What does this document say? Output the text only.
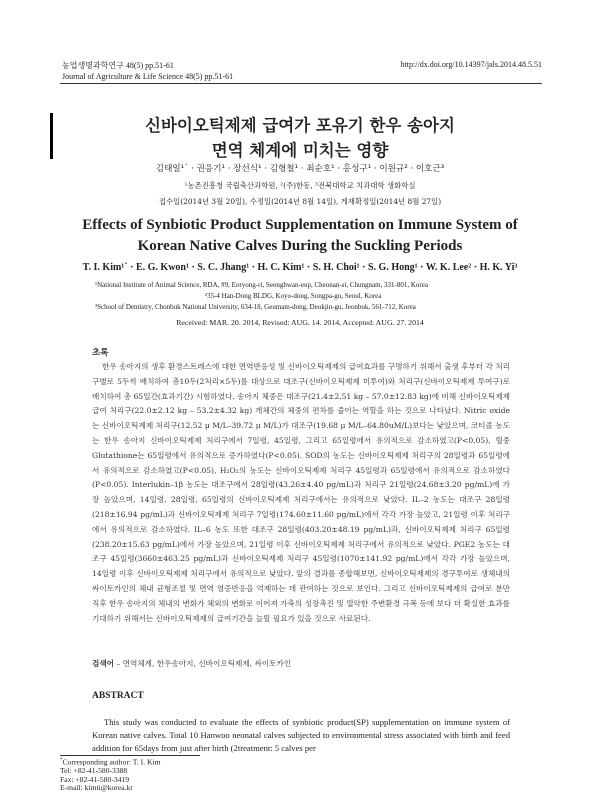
농업생명과학연구 48(5) pp.51-61
Journal of Agriculture & Life Science 48(5) pp.51-61
http://dx.doi.org/10.14397/jals.2014.48.5.51
신바이오틱제제 급여가 포유기 한우 송아지
면역 체계에 미치는 영향
김태일¹˙ · 권응기¹ · 장선식¹ · 김형철¹ · 최순호¹ · 홍성구¹ · 이원규² · 이호근³
¹농촌진흥청 국립축산과학원, ²(주)한동, ³전북대학교 치과대학 생화학실
접수일(2014년 3월 20일), 수정일(2014년 8월 14일), 게재확정일(2014년 8월 27일)
Effects of Synbiotic Product Supplementation on Immune System of
Korean Native Calves During the Suckling Periods
T. I. Kim¹˙ · E. G. Kwon¹ · S. C. Jhang¹ · H. C. Kim¹ · S. H. Choi¹ · S. G. Hong¹ · W. K. Lee² · H. K. Yi³
¹National Institute of Animal Science, RDA, #9, Eoryong-ri, Seonghwan-eup, Cheonan-si, Chungnam, 331-801, Korea
²35-4 Han-Dong BLDG, Koyo-dong, Songpa-gu, Seoul, Korea
³School of Dentistry, Chonbuk National University, 634-18, Geumam-dong, Deokjin-gu, Jeonbuk, 561-712, Korea
Received: MAR. 20. 2014, Revised: AUG. 14. 2014, Accepted: AUG. 27. 2014
초록

한우 송아지의 생후 환경스트레스에 대한 면역반응성 및 신바이오틱제제의 급여효과를 구명하기 위해서 출생 후부터 각 처리구별로 5두씩 배치하여 총10두(2처리×5두)를 대상으로 대조구(신바이오틱제제 미투여)와 처리구(신바이오틱제제 투여구)로 배치하여 총 65일간(효과기간) 시험하였다. 송아지 체중은 대조구(21.4±2.51 kg – 57.0±12.83 kg)에 비해 신바이오틱제제 급여 처리구(22.0±2.12 kg – 53.2±4.32 kg) 개체간의 체중의 편차를 줄이는 역할을 하는 것으로 나타났다. Nitric oxide는 신바이오틱제제 처리구(12.52 μ M/L–39.72 μ M/L)가 대조구(19.68 μ M/L–64.80uM/L)보다는 낮았으며, 코티졸 농도는 한우 송아지 신바이오틱제제 처리구에서 7일령, 45일령, 그리고 65일령에서 유의적으로 감소하였고(P<0.05), 혈중 Glutathione는 65일령에서 유의적으로 증가하였다(P<0.05). SOD의 농도는 신바이오틱제제 처리구의 28일령과 65일령에서 유의적으로 감소하였고(P<0.05), H₂O₂의 농도는 신바이오틱제제 처리구 45일령과 65일령에서 유의적으로 감소하였다(P<0.05). Interlukin–1β 농도는 대조구에서 28일령(43.26±4.40 pg/mL)과 처리구 21일령(24.68±3.20 pg/mL)에 가장 높았으며, 14일령, 28일령, 65일령의 신바이오틱제제 처리구에서는 유의적으로 낮았다. IL–2 농도는 대조구 28일령(218±16.94 pg/mL)과 신바이오틱제제 처리구 7일령(174.60±11.60 pg/mL)에서 각각 가장 높았고, 21일령 이후 처리구에서 유의적으로 감소하였다. IL–6 농도 또한 대조구 28일령(403.20±48.19 pg/mL)과, 신바이오틱제제 처리구 65일령(238.20±15.63 pg/mL)에서 가장 높았으며, 21일령 이후 신바이오틱제제 처리구에서 유의적으로 낮았다. PGE2 농도는 대조구 45일령(3660±463.25 pg/mL)과 신바이오틱제제 처리구 45일령(1070±141.92 pg/mL)에서 각각 가장 높았으며, 14일령 이후 신바이오틱제제 처리구에서 유의적으로 낮았다. 앞의 결과를 종합해보면, 신바이오틱제제의 경구투여로 생체내의 싸이토카인의 체내 균형조절 및 면역 염증반응을 억제하는 데 관여하는 것으로 보인다. 그리고 신바이오틱제제의 급여로 분만 직후 한우 송아지의 체내의 변화가 체외의 변화로 이어져 가축의 성장촉진 및 열악한 주변환경 극복 등에 보다 더 확실한 효과를 기대하기 위해서는 신바이오틱제제의 급여기간을 늘릴 필요가 있을 것으로 사료된다.

검색어 – 면역체계, 한우송아지, 신바이오틱제제, 싸이토카인
ABSTRACT

This study was conducted to evaluate the effects of synbiotic product(SP) supplementation on immune system of Korean native calves. Total 10 Hanwoo neonatal calves subjected to environmental stress associated with birth and feed addition for 65days from just after birth (2treatment: 5 calves per

*Corresponding author: T. I. Kim
Tel: +82-41-580-3388
Fax: +82-41-580-3419
E-mail: kimti@korea.kr
